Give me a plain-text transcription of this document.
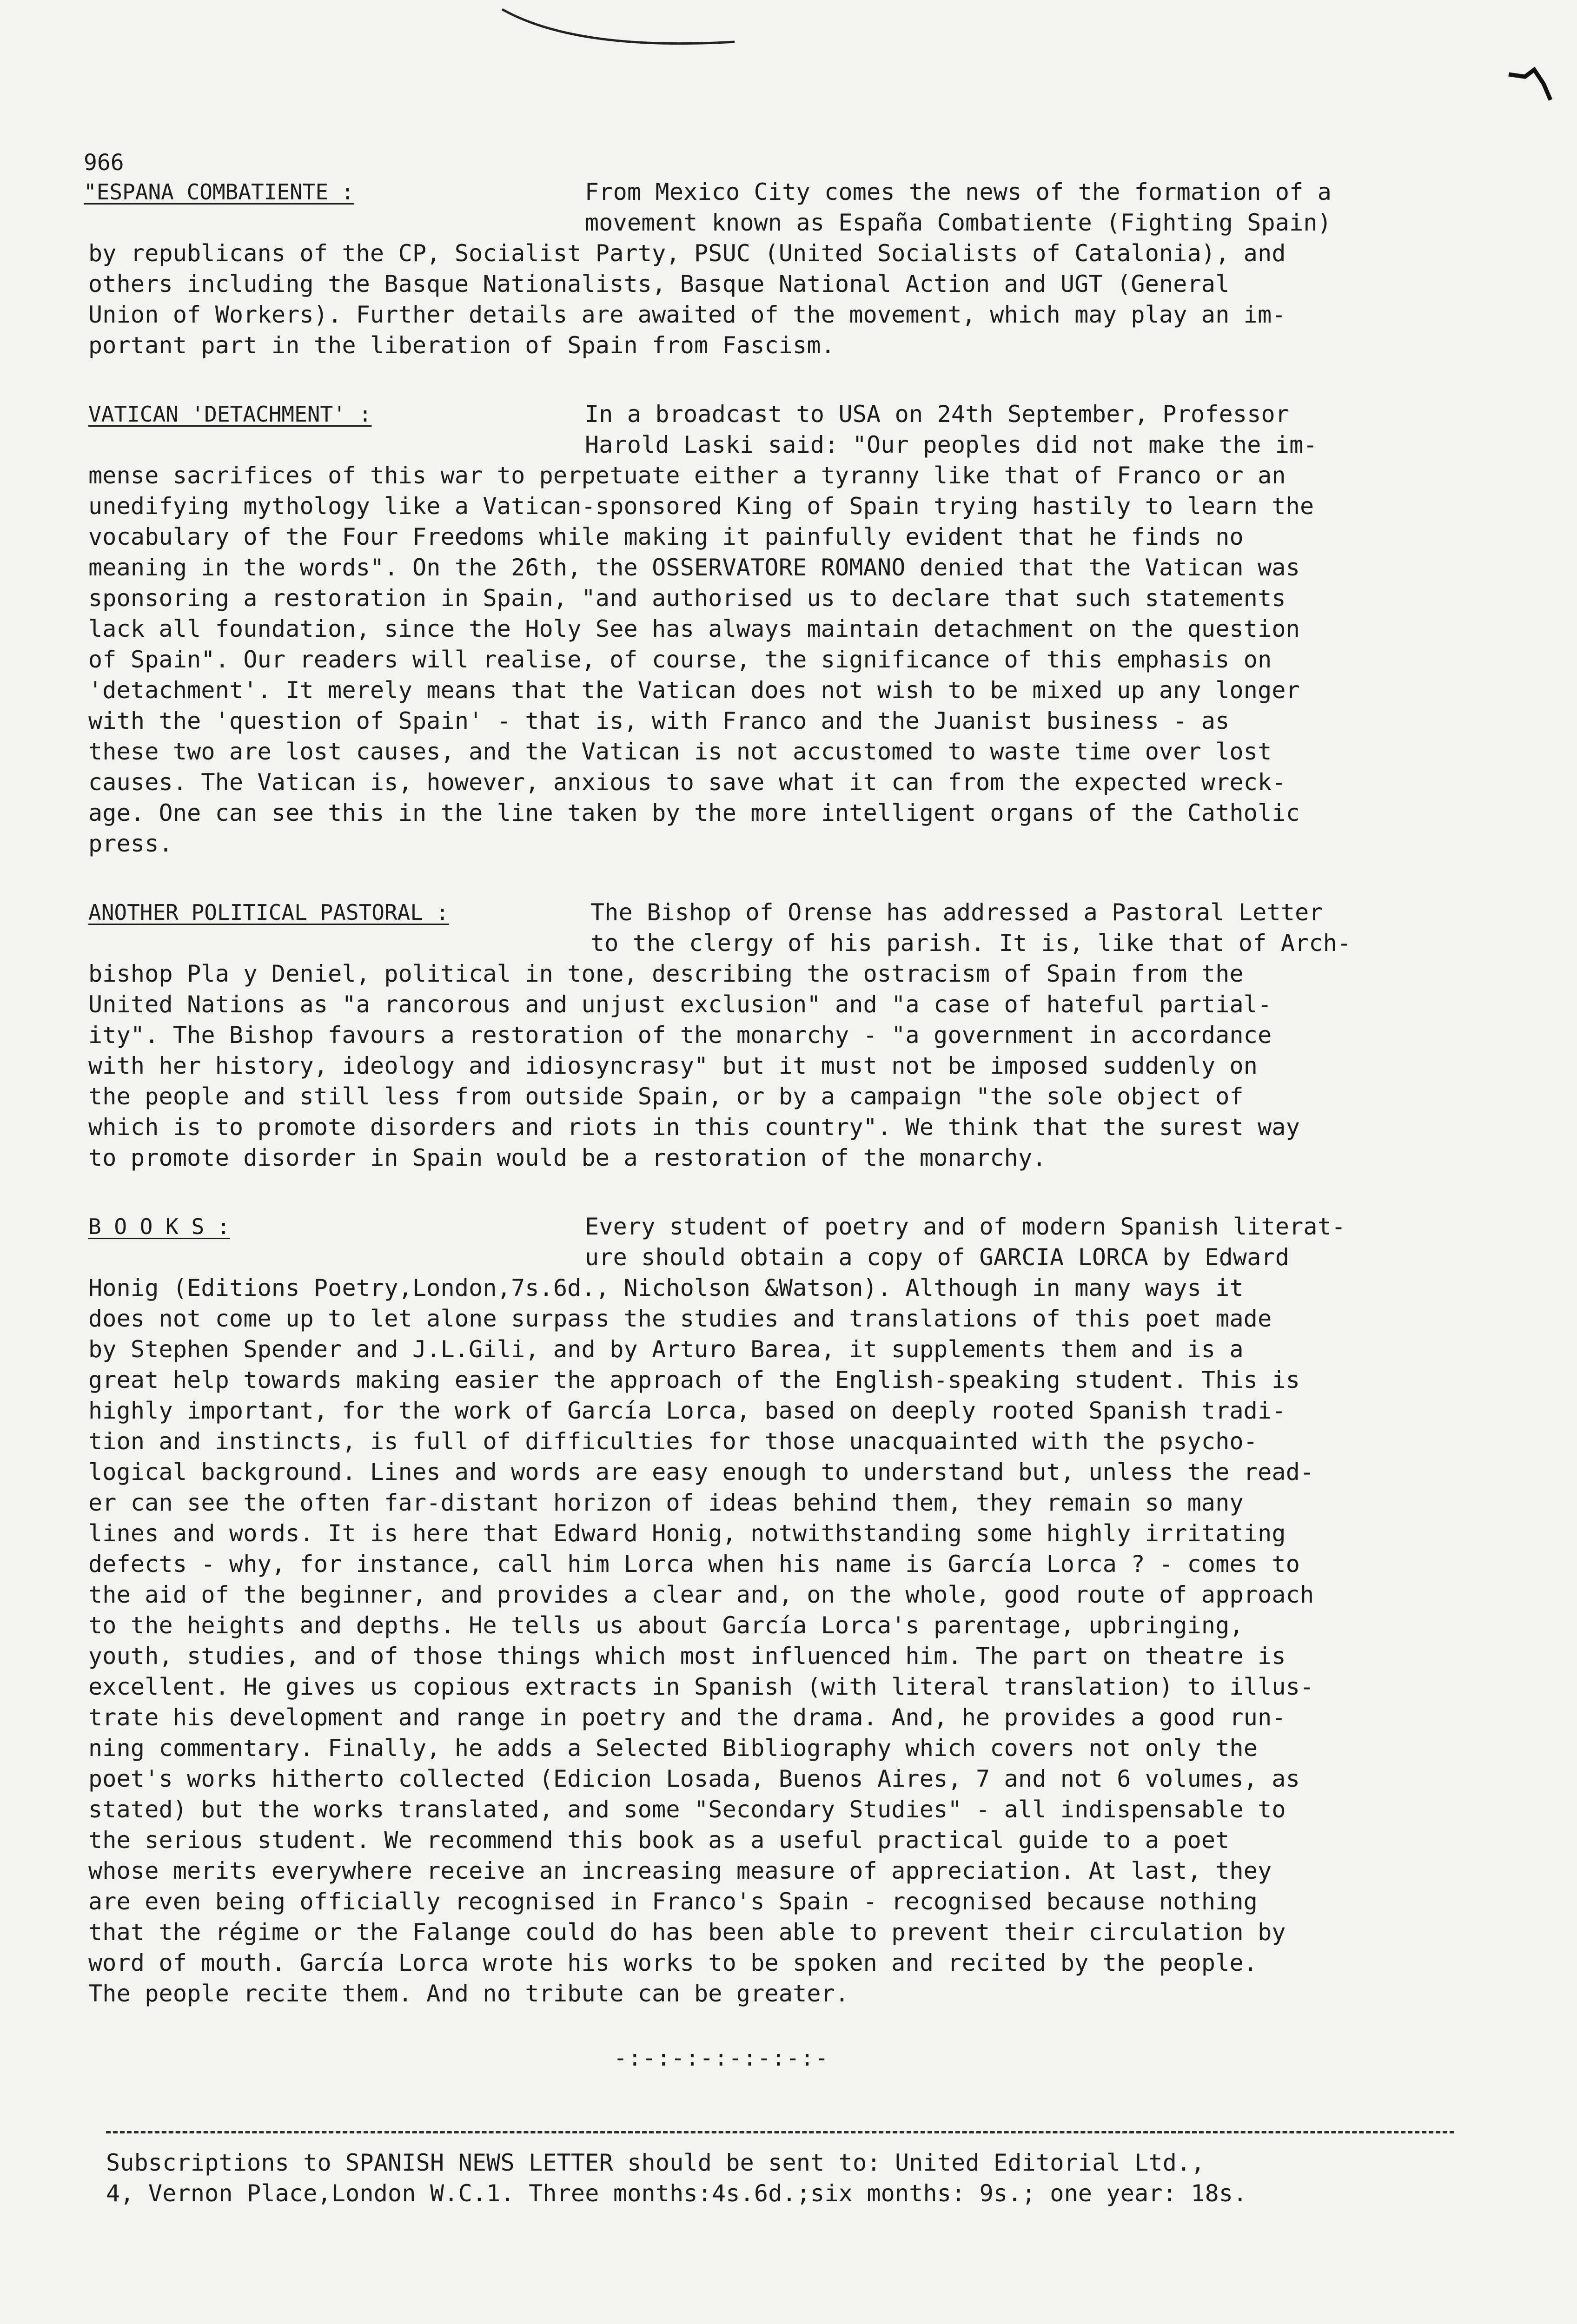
966
"ESPANA COMBATIENTE :	From Mexico City comes the news of the formation of a
movement known as España Combatiente (Fighting Spain)
by republicans of the CP, Socialist Party, PSUC (United Socialists of Catalonia), and
others including the Basque Nationalists, Basque National Action and UGT (General
Union of Workers). Further details are awaited of the movement, which may play an im-
portant part in the liberation of Spain from Fascism.
VATICAN 'DETACHMENT' :	In a broadcast to USA on 24th September, Professor
Harold Laski said: "Our peoples did not make the im-
mense sacrifices of this war to perpetuate either a tyranny like that of Franco or an
unedifying mythology like a Vatican-sponsored King of Spain trying hastily to learn the
vocabulary of the Four Freedoms while making it painfully evident that he finds no
meaning in the words". On the 26th, the OSSERVATORE ROMANO denied that the Vatican was
sponsoring a restoration in Spain, "and authorised us to declare that such statements
lack all foundation, since the Holy See has always maintain detachment on the question
of Spain". Our readers will realise, of course, the significance of this emphasis on
'detachment'. It merely means that the Vatican does not wish to be mixed up any longer
with the 'question of Spain' - that is, with Franco and the Juanist business - as
these two are lost causes, and the Vatican is not accustomed to waste time over lost
causes. The Vatican is, however, anxious to save what it can from the expected wreck-
age. One can see this in the line taken by the more intelligent organs of the Catholic
press.
ANOTHER POLITICAL PASTORAL :	The Bishop of Orense has addressed a Pastoral Letter
to the clergy of his parish. It is, like that of Arch-
bishop Pla y Deniel, political in tone, describing the ostracism of Spain from the
United Nations as "a rancorous and unjust exclusion" and "a case of hateful partial-
ity". The Bishop favours a restoration of the monarchy - "a government in accordance
with her history, ideology and idiosyncrasy" but it must not be imposed suddenly on
the people and still less from outside Spain, or by a campaign "the sole object of
which is to promote disorders and riots in this country". We think that the surest way
to promote disorder in Spain would be a restoration of the monarchy.
B O O K S :	Every student of poetry and of modern Spanish literat-
ure should obtain a copy of GARCIA LORCA by Edward
Honig (Editions Poetry,London,7s.6d., Nicholson &Watson). Although in many ways it
does not come up to let alone surpass the studies and translations of this poet made
by Stephen Spender and J.L.Gili, and by Arturo Barea, it supplements them and is a
great help towards making easier the approach of the English-speaking student. This is
highly important, for the work of García Lorca, based on deeply rooted Spanish tradi-
tion and instincts, is full of difficulties for those unacquainted with the psycho-
logical background. Lines and words are easy enough to understand but, unless the read-
er can see the often far-distant horizon of ideas behind them, they remain so many
lines and words. It is here that Edward Honig, notwithstanding some highly irritating
defects - why, for instance, call him Lorca when his name is García Lorca ? - comes to
the aid of the beginner, and provides a clear and, on the whole, good route of approach
to the heights and depths. He tells us about García Lorca's parentage, upbringing,
youth, studies, and of those things which most influenced him. The part on theatre is
excellent. He gives us copious extracts in Spanish (with literal translation) to illus-
trate his development and range in poetry and the drama. And, he provides a good run-
ning commentary. Finally, he adds a Selected Bibliography which covers not only the
poet's works hitherto collected (Edicion Losada, Buenos Aires, 7 and not 6 volumes, as
stated) but the works translated, and some "Secondary Studies" - all indispensable to
the serious student. We recommend this book as a useful practical guide to a poet
whose merits everywhere receive an increasing measure of appreciation. At last, they
are even being officially recognised in Franco's Spain - recognised because nothing
that the régime or the Falange could do has been able to prevent their circulation by
word of mouth. García Lorca wrote his works to be spoken and recited by the people.
The people recite them. And no tribute can be greater.
-:-:-:-:-:-:-:-
Subscriptions to SPANISH NEWS LETTER should be sent to: United Editorial Ltd.,
4, Vernon Place,London W.C.1. Three months:4s.6d.;six months: 9s.; one year: 18s.
